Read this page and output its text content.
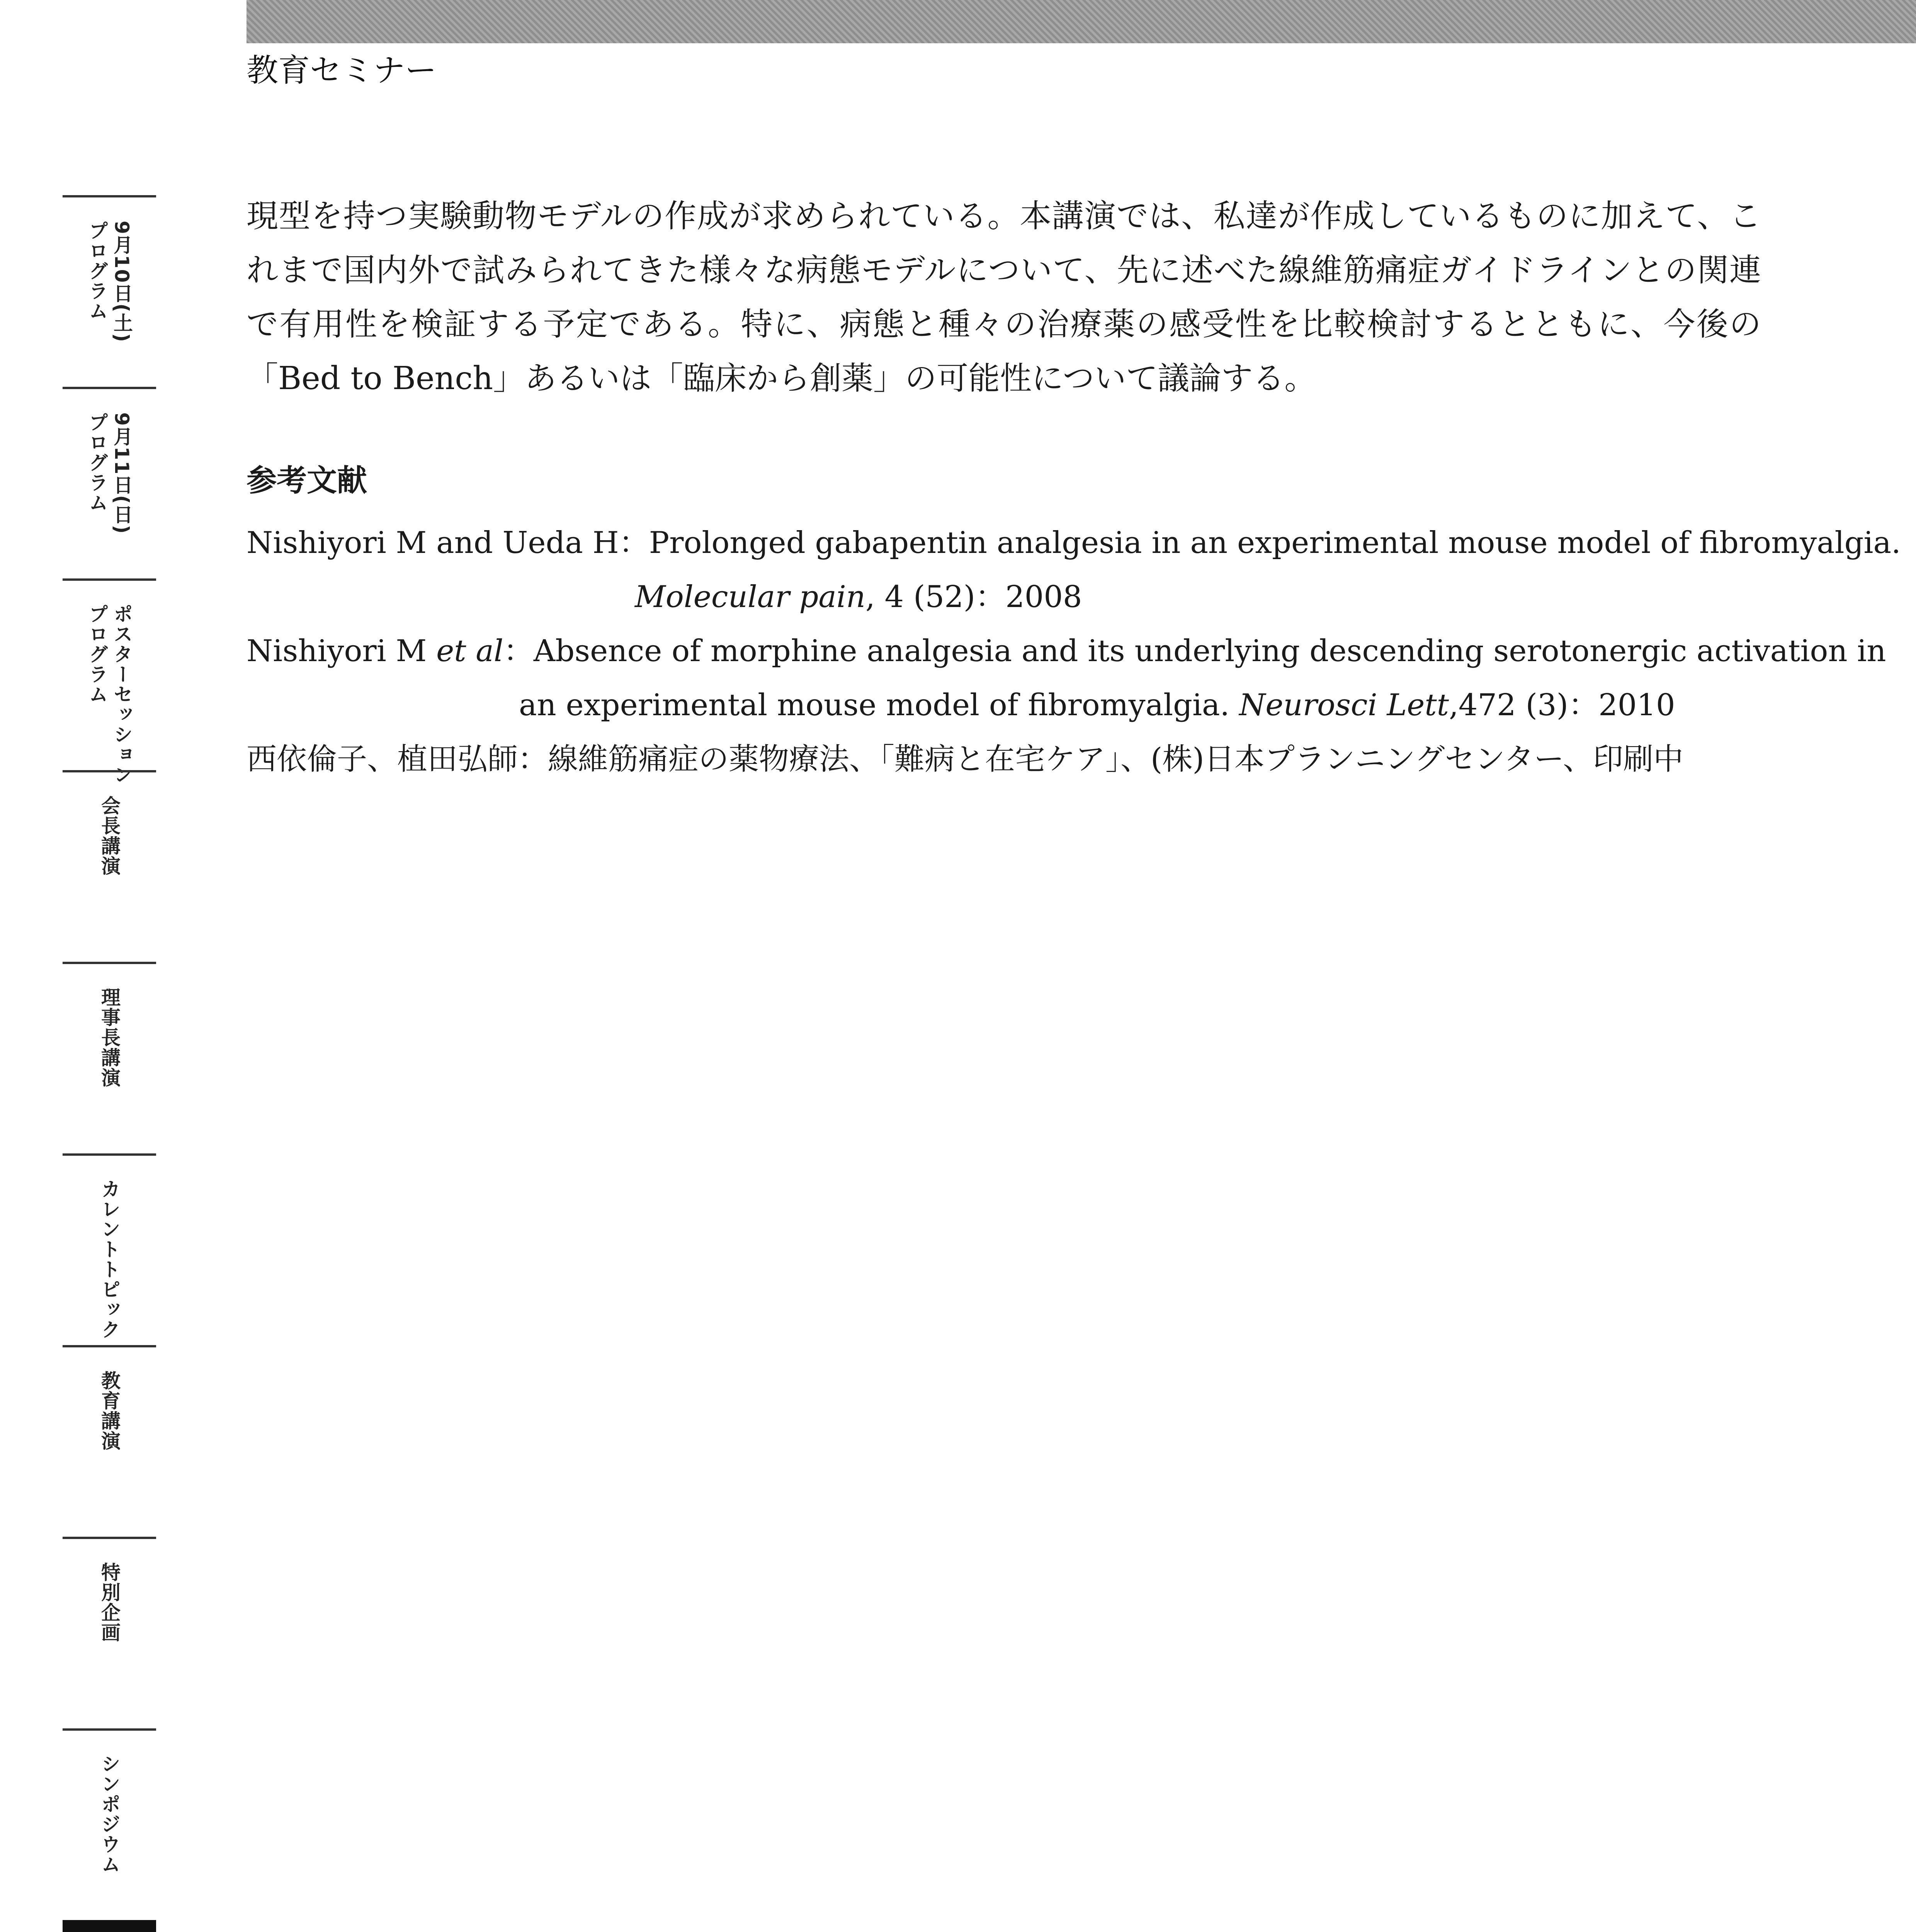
教育セミナー
9月10日(土)
プログラム
9月11日(日)
プログラム
ポスターセッション
プログラム
会長講演
理事長講演
カレントトピック
教育講演
特別企画
シンポジウム

現型を持つ実験動物モデルの作成が求められている。本講演では、私達が作成しているものに加えて、これまで国内外で試みられてきた様々な病態モデルについて、先に述べた線維筋痛症ガイドラインとの関連で有用性を検証する予定である。特に、病態と種々の治療薬の感受性を比較検討するとともに、今後の「Bed to Bench」あるいは「臨床から創薬」の可能性について議論する。

参考文献
Nishiyori M and Ueda H：Prolonged gabapentin analgesia in an experimental mouse model of fibromyalgia.
Molecular pain, 4 (52)：2008
Nishiyori M et al：Absence of morphine analgesia and its underlying descending serotonergic activation in
an experimental mouse model of fibromyalgia. Neurosci Lett,472 (3)：2010
西依倫子、植田弘師：線維筋痛症の薬物療法、「難病と在宅ケア」、(株)日本プランニングセンター、印刷中
